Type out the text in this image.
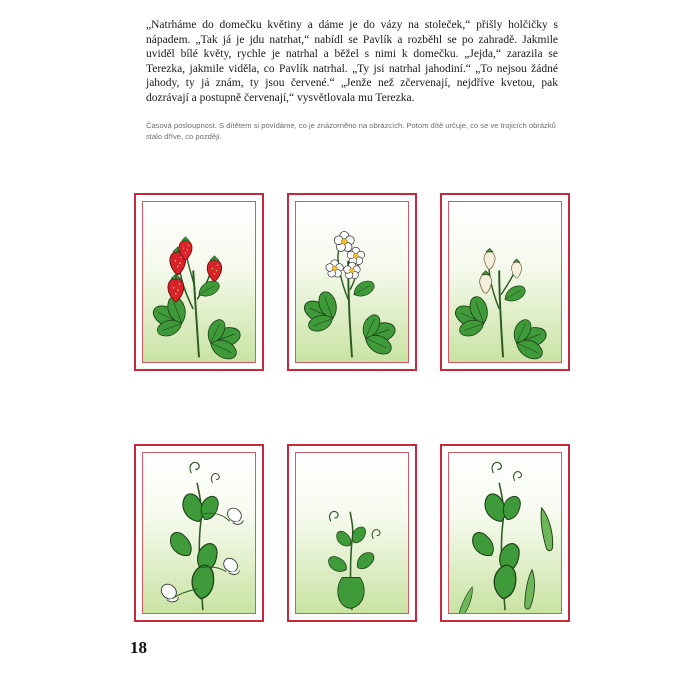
„Natrháme do domečku květiny a dáme je do vázy na stoleček,“ přišly holčičky s nápadem. „Tak já je jdu natrhat,“ nabídl se Pavlík a rozběhl se po zahradě. Jakmile uviděl bílé květy, rychle je natrhal a běžel s nimi k domečku. „Jejda,“ zarazila se Terezka, jakmile viděla, co Pavlík natrhal. „Ty jsi natrhal jahodiní.“ „To nejsou žádné jahody, ty já znám, ty jsou červené.“ „Jenže než zčervenají, nejdříve kvetou, pak dozrávají a postupně červenají,“ vysvětlovala mu Terezka.

Časová posloupnost. S dítětem si povídáme, co je znázorněno na obrázcích. Potom dítě určuje, co se ve trojicích obrázků stalo dříve, co později.

18
